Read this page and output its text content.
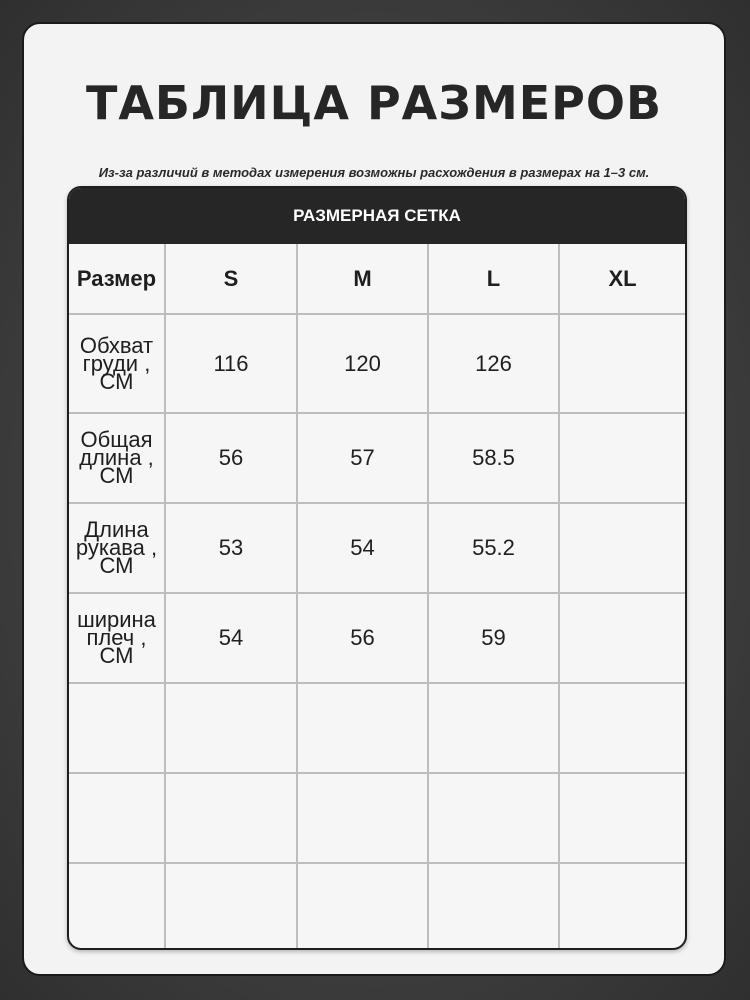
ТАБЛИЦА РАЗМЕРОВ
Из-за различий в методах измерения возможны расхождения в размерах на 1–3 см.
РАЗМЕРНАЯ СЕТКА
Размер	S	M	L	XL

Обхват
груди , СМ	116	120	126	

Общая
длина , СМ	56	57	58.5	

Длина
рукава , СМ	53	54	55.2	

ширина
плеч , СМ	54	56	59	
